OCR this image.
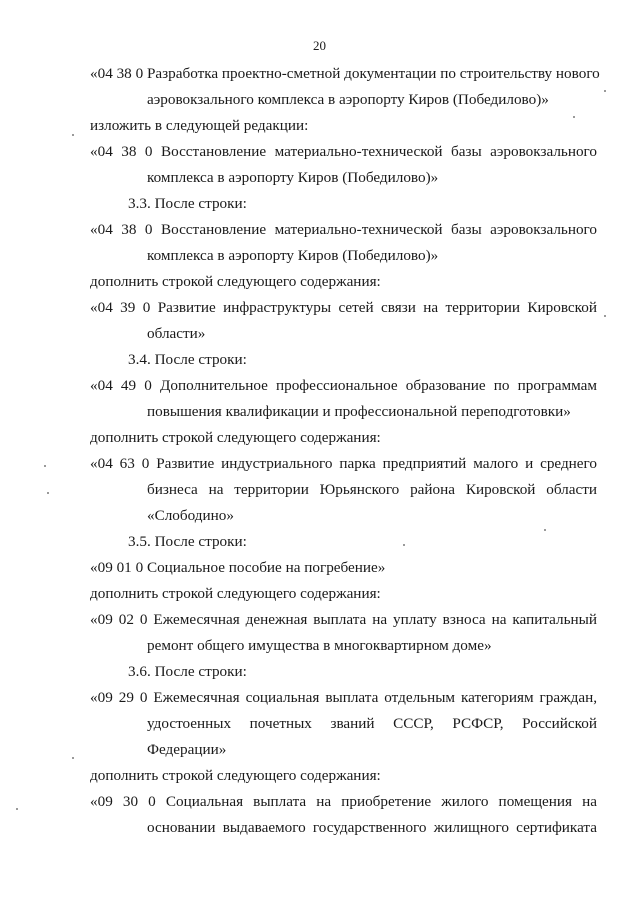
20
«04 38 0 Разработка проектно-сметной документации по строительству нового
аэровокзального комплекса в аэропорту Киров (Победилово)»
изложить в следующей редакции:
«04 38 0 Восстановление материально-технической базы аэровокзального
комплекса в аэропорту Киров (Победилово)»
3.3. После строки:
«04 38 0 Восстановление материально-технической базы аэровокзального
комплекса в аэропорту Киров (Победилово)»
дополнить строкой следующего содержания:
«04 39 0 Развитие инфраструктуры сетей связи на территории Кировской
области»
3.4. После строки:
«04 49 0 Дополнительное профессиональное образование по программам
повышения квалификации и профессиональной переподготовки»
дополнить строкой следующего содержания:
«04 63 0 Развитие индустриального парка предприятий малого и среднего
бизнеса на территории Юрьянского района Кировской области
«Слободино»
3.5. После строки:
«09 01 0 Социальное пособие на погребение»
дополнить строкой следующего содержания:
«09 02 0 Ежемесячная денежная выплата на уплату взноса на капитальный
ремонт общего имущества в многоквартирном доме»
3.6. После строки:
«09 29 0 Ежемесячная социальная выплата отдельным категориям граждан,
удостоенных почетных званий СССР, РСФСР, Российской
Федерации»
дополнить строкой следующего содержания:
«09 30 0 Социальная выплата на приобретение жилого помещения на
основании выдаваемого государственного жилищного сертификата
